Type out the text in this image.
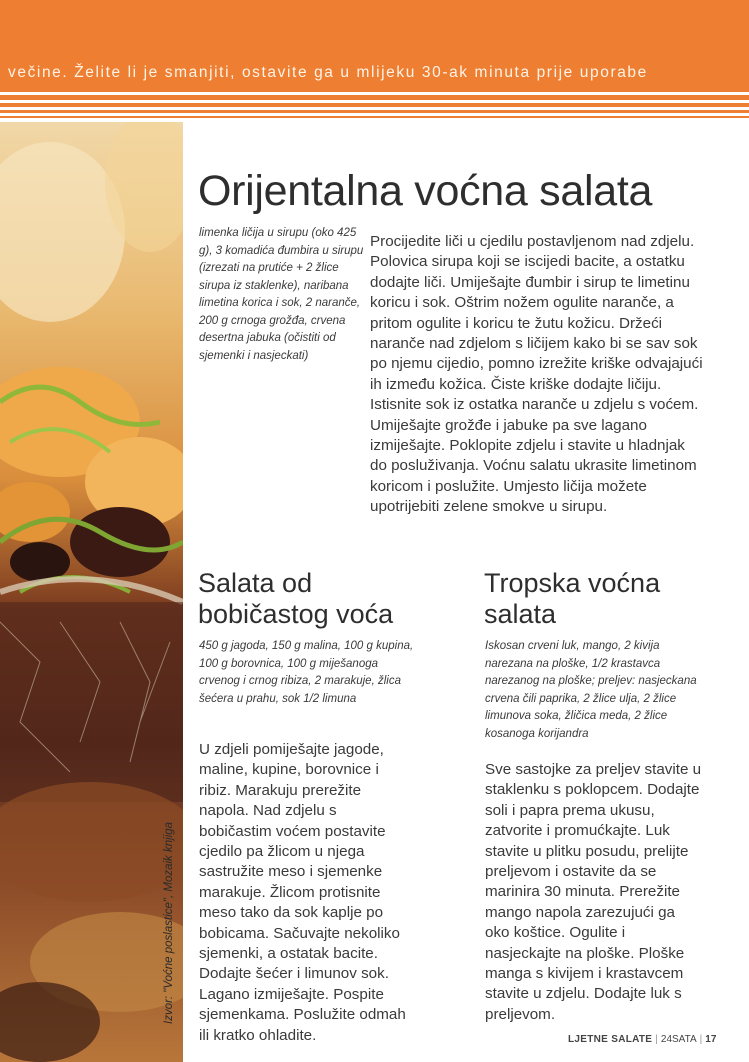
večine. Želite li je smanjiti, ostavite ga u mlijeku 30-ak minuta prije uporabe
Izvor: "Voćne poslastice", Mozaik knjiga
Orijentalna voćna salata

limenka ličija u sirupu (oko 425 g), 3 komadića đumbira u sirupu (izrezati na prutiće + 2 žlice sirupa iz staklenke), naribana limetina korica i sok, 2 naranče, 200 g crnoga grožđa, crvena desertna jabuka (očistiti od sjemenki i nasjeckati)

Procijedite liči u cjedilu postavljenom nad zdjelu. Polovica sirupa koji se iscijedi bacite, a ostatku dodajte liči. Umiješajte đumbir i sirup te limetinu koricu i sok. Oštrim nožem ogulite naranče, a pritom ogulite i koricu te žutu kožicu. Držeći naranče nad zdjelom s ličijem kako bi se sav sok po njemu cijedio, pomno izrežite kriške odvajajući ih između kožica. Čiste kriške dodajte ličiju. Istisnite sok iz ostatka naranče u zdjelu s voćem. Umiješajte grožđe i jabuke pa sve lagano izmiješajte. Poklopite zdjelu i stavite u hladnjak do posluživanja. Voćnu salatu ukrasite limetinom koricom i poslužite. Umjesto ličija možete upotrijebiti zelene smokve u sirupu.

Salata od bobičastog voća

450 g jagoda, 150 g malina, 100 g kupina, 100 g borovnica, 100 g miješanoga crvenog i crnog ribiza, 2 marakuje, žlica šećera u prahu, sok 1/2 limuna

U zdjeli pomiješajte jagode, maline, kupine, borovnice i ribiz. Marakuju prerežite napola. Nad zdjelu s bobičastim voćem postavite cjedilo pa žlicom u njega sastružite meso i sjemenke marakuje. Žlicom protisnite meso tako da sok kaplje po bobicama. Sačuvajte nekoliko sjemenki, a ostatak bacite. Dodajte šećer i limunov sok. Lagano izmiješajte. Pospite sjemenkama. Poslužite odmah ili kratko ohladite.

Tropska voćna salata

Iskosan crveni luk, mango, 2 kivija narezana na ploške, 1/2 krastavca narezanog na ploške; preljev: nasjeckana crvena čili paprika, 2 žlice ulja, 2 žlice limunova soka, žličica meda, 2 žlice kosanoga korijandra

Sve sastojke za preljev stavite u staklenku s poklopcem. Dodajte soli i papra prema ukusu, zatvorite i promućkajte. Luk stavite u plitku posudu, prelijte preljevom i ostavite da se marinira 30 minuta. Prerežite mango napola zarezujući ga oko koštice. Ogulite i nasjeckajte na ploške. Ploške manga s kivijem i krastavcem stavite u zdjelu. Dodajte luk s preljevom.

LJETNE SALATE | 24SATA | 17
